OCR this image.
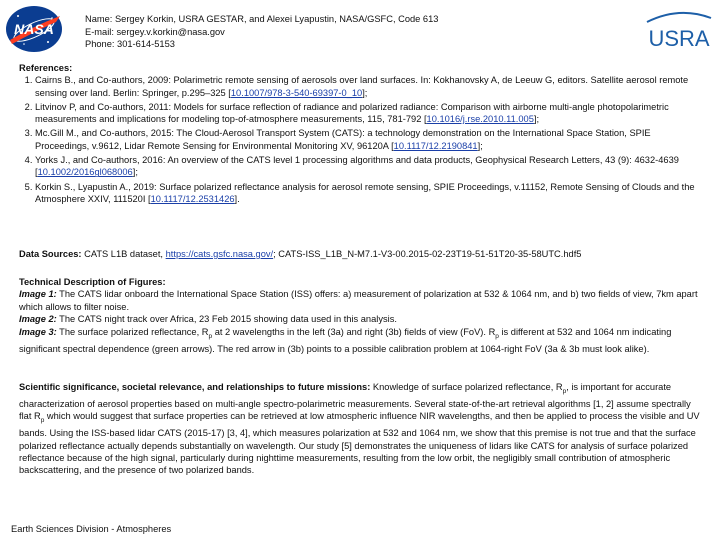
NASA
Name: Sergey Korkin, USRA GESTAR, and Alexei Lyapustin, NASA/GSFC, Code 613
E-mail: sergey.v.korkin@nasa.gov
Phone: 301-614-5153	USRA
References:
1. Cairns B., and Co-authors, 2009: Polarimetric remote sensing of aerosols over land surfaces. In: Kokhanovsky A, de Leeuw G, editors. Satellite aerosol remote sensing over land. Berlin: Springer, p.295–325 [10.1007/978-3-540-69397-0_10];
2. Litvinov P, and Co-authors, 2011: Models for surface reflection of radiance and polarized radiance: Comparison with airborne multi-angle photopolarimetric measurements and implications for modeling top-of-atmosphere measurements, 115, 781-792 [10.1016/j.rse.2010.11.005];
3. Mc.Gill M., and Co-authors, 2015: The Cloud-Aerosol Transport System (CATS): a technology demonstration on the International Space Station, SPIE Proceedings, v.9612, Lidar Remote Sensing for Environmental Monitoring XV, 96120A [10.1117/12.2190841];
4. Yorks J., and Co-authors, 2016: An overview of the CATS level 1 processing algorithms and data products, Geophysical Research Letters, 43 (9): 4632-4639 [10.1002/2016gl068006];
5. Korkin S., Lyapustin A., 2019: Surface polarized reflectance analysis for aerosol remote sensing, SPIE Proceedings, v.11152, Remote Sensing of Clouds and the Atmosphere XXIV, 111520I [10.1117/12.2531426].
Data Sources: CATS L1B dataset, https://cats.gsfc.nasa.gov/; CATS-ISS_L1B_N-M7.1-V3-00.2015-02-23T19-51-51T20-35-58UTC.hdf5
Technical Description of Figures:
Image 1: The CATS lidar onboard the International Space Station (ISS) offers: a) measurement of polarization at 532 & 1064 nm, and b) two fields of view, 7km apart which allows to filter noise.
Image 2: The CATS night track over Africa, 23 Feb 2015 showing data used in this analysis.
Image 3: The surface polarized reflectance, $R_p$ at 2 wavelengths in the left (3a) and right (3b) fields of view (FoV). $R_p$ is different at 532 and 1064 nm indicating significant spectral dependence (green arrows). The red arrow in (3b) points to a possible calibration problem at 1064-right FoV (3a & 3b must look alike).
Scientific significance, societal relevance, and relationships to future missions: Knowledge of surface polarized reflectance, $R_p$, is important for accurate characterization of aerosol properties based on multi-angle spectro-polarimetric measurements. Several state-of-the-art retrieval algorithms [1, 2] assume spectrally flat $R_p$ which would suggest that surface properties can be retrieved at low atmospheric influence NIR wavelengths, and then be applied to process the visible and UV bands. Using the ISS-based lidar CATS (2015-17) [3, 4], which measures polarization at 532 and 1064 nm, we show that this premise is not true and that the surface polarized reflectance actually depends substantially on wavelength. Our study [5] demonstrates the uniqueness of lidars like CATS for analysis of surface polarized reflectance because of the high signal, particularly during nighttime measurements, resulting from the low orbit, the negligibly small contribution of atmospheric backscattering, and the presence of two polarized bands.
Earth Sciences Division - Atmospheres
